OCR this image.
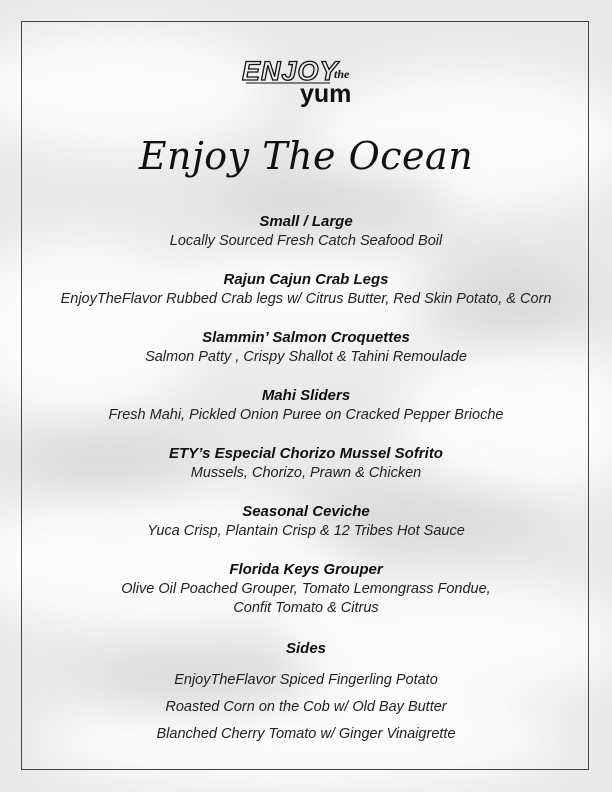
ENJOY
the
yum
Enjoy The Ocean
Small / Large
Locally Sourced Fresh Catch Seafood Boil
Rajun Cajun Crab Legs
EnjoyTheFlavor Rubbed Crab legs w/ Citrus Butter, Red Skin Potato, & Corn
Slammin’ Salmon Croquettes
Salmon Patty , Crispy Shallot & Tahini Remoulade
Mahi Sliders
Fresh Mahi, Pickled Onion Puree on Cracked Pepper Brioche
ETY’s Especial Chorizo Mussel Sofrito
Mussels, Chorizo, Prawn & Chicken
Seasonal Ceviche
Yuca Crisp, Plantain Crisp & 12 Tribes Hot Sauce
Florida Keys Grouper
Olive Oil Poached Grouper, Tomato Lemongrass Fondue,
Confit Tomato & Citrus
Sides
EnjoyTheFlavor Spiced Fingerling Potato
Roasted Corn on the Cob w/ Old Bay Butter
Blanched Cherry Tomato w/ Ginger Vinaigrette
